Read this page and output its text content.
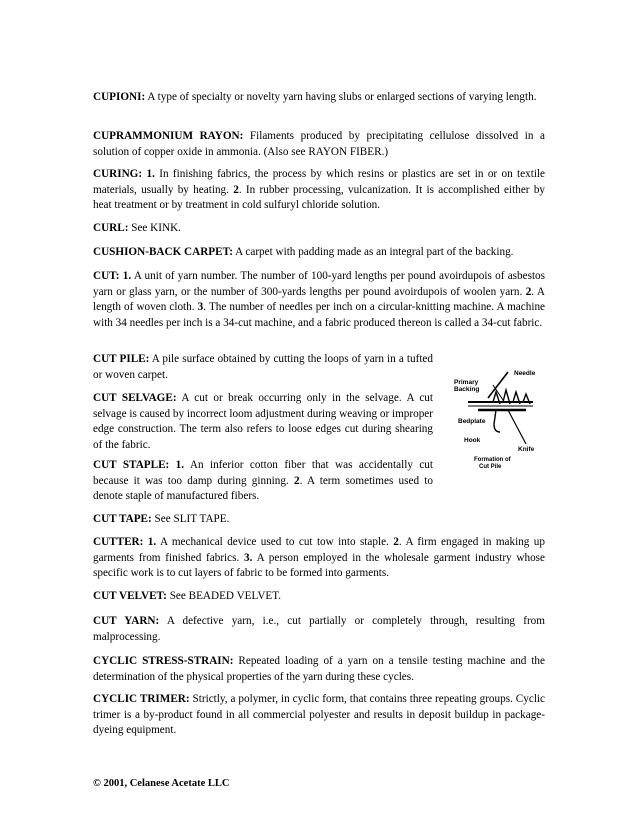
CUPIONI: A type of specialty or novelty yarn having slubs or enlarged sections of varying length.

CUPRAMMONIUM RAYON: Filaments produced by precipitating cellulose dissolved in a solution of copper oxide in ammonia. (Also see RAYON FIBER.)

CURING: 1. In finishing fabrics, the process by which resins or plastics are set in or on textile materials, usually by heating. 2. In rubber processing, vulcanization. It is accomplished either by heat treatment or by treatment in cold sulfuryl chloride solution.

CURL: See KINK.

CUSHION-BACK CARPET: A carpet with padding made as an integral part of the backing.

CUT: 1. A unit of yarn number. The number of 100-yard lengths per pound avoirdupois of asbestos yarn or glass yarn, or the number of 300-yards lengths per pound avoirdupois of woolen yarn. 2. A length of woven cloth. 3. The number of needles per inch on a circular-knitting machine. A machine with 34 needles per inch is a 34-cut machine, and a fabric produced thereon is called a 34-cut fabric.

CUT PILE: A pile surface obtained by cutting the loops of yarn in a tufted or woven carpet.

CUT SELVAGE: A cut or break occurring only in the selvage. A cut selvage is caused by incorrect loom adjustment during weaving or improper edge construction. The term also refers to loose edges cut during shearing of the fabric.

CUT STAPLE: 1. An inferior cotton fiber that was accidentally cut because it was too damp during ginning. 2. A term sometimes used to denote staple of manufactured fibers.

CUT TAPE: See SLIT TAPE.

CUTTER: 1. A mechanical device used to cut tow into staple. 2. A firm engaged in making up garments from finished fabrics. 3. A person employed in the wholesale garment industry whose specific work is to cut layers of fabric to be formed into garments.

CUT VELVET: See BEADED VELVET.

CUT YARN: A defective yarn, i.e., cut partially or completely through, resulting from malprocessing.

CYCLIC STRESS-STRAIN: Repeated loading of a yarn on a tensile testing machine and the determination of the physical properties of the yarn during these cycles.

CYCLIC TRIMER: Strictly, a polymer, in cyclic form, that contains three repeating groups. Cyclic trimer is a by-product found in all commercial polyester and results in deposit buildup in package-dyeing equipment.

Needle
Primary
Backing
Bedplate
Hook
Knife
Formation of
Cut Pile
© 2001, Celanese Acetate LLC
